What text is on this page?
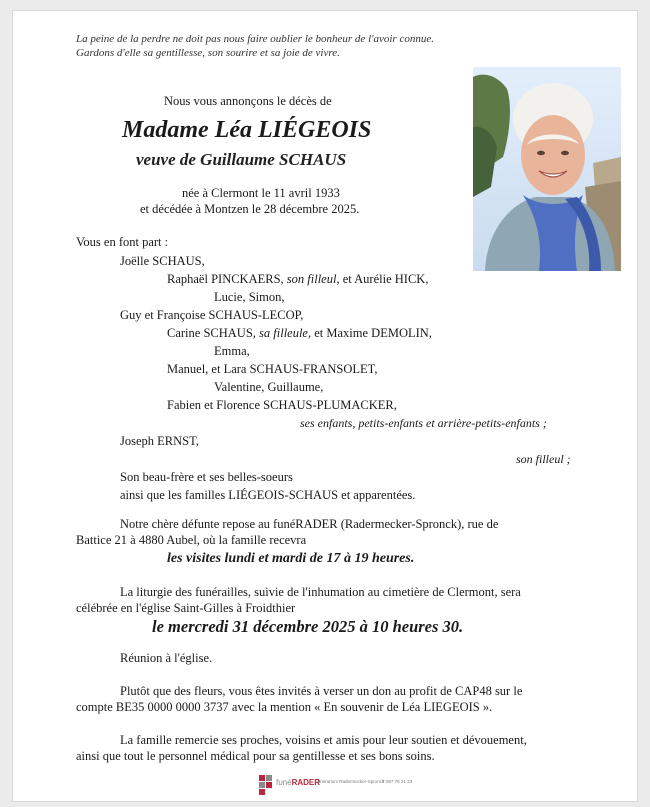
La peine de la perdre ne doit pas nous faire oublier le bonheur de l'avoir connue.
Gardons d'elle sa gentillesse, son sourire et sa joie de vivre.
Nous vous annonçons le décès de
Madame Léa LIÉGEOIS
veuve de Guillaume SCHAUS
née à Clermont le 11 avril 1933
et décédée à Montzen le 28 décembre 2025.
Vous en font part :
Joëlle SCHAUS,
Raphaël PINCKAERS, son filleul, et Aurélie HICK,
Lucie, Simon,
Guy et Françoise SCHAUS-LECOP,
Carine SCHAUS, sa filleule, et Maxime DEMOLIN,
Emma,
Manuel, et Lara SCHAUS-FRANSOLET,
Valentine, Guillaume,
Fabien et Florence SCHAUS-PLUMACKER,
ses enfants, petits-enfants et arrière-petits-enfants ;
Joseph ERNST,
son filleul ;
Son beau-frère et ses belles-soeurs
ainsi que les familles LIÉGEOIS-SCHAUS et apparentées.
Notre chère défunte repose au funéRADER (Radermecker-Spronck), rue de
Battice 21 à 4880 Aubel, où la famille recevra
les visites lundi et mardi de 17 à 19 heures.
La liturgie des funérailles, suivie de l'inhumation au cimetière de Clermont, sera
célébrée en l'église Saint-Gilles à Froidthier
le mercredi 31 décembre 2025 à 10 heures 30.
Réunion à l'église.
Plutôt que des fleurs, vous êtes invités à verser un don au profit de CAP48 sur le
compte BE35 0000 0000 3737 avec la mention « En souvenir de Léa LIEGEOIS ».
La famille remercie ses proches, voisins et amis pour leur soutien et dévouement,
ainsi que tout le personnel médical pour sa gentillesse et ses bons soins.
funéRADER
Funérarium Radermecker-Spronck
T 087 76 21 23
